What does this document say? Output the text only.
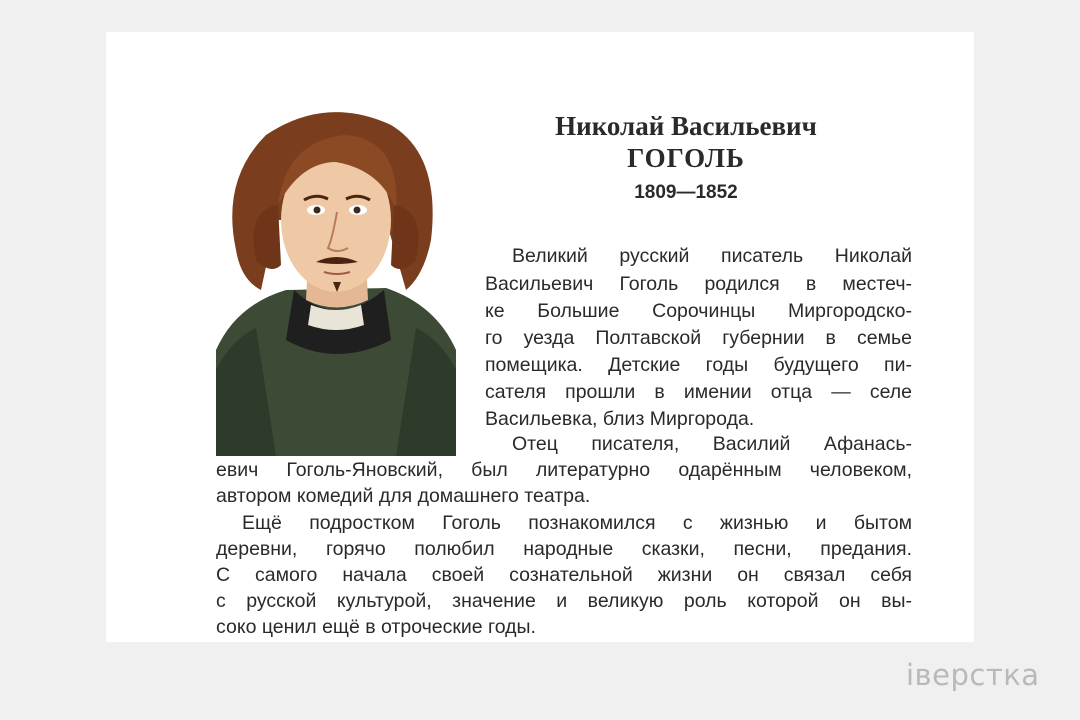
Николай Васильевич
ГОГОЛЬ
1809—1852
Великий русский писатель Николай
Васильевич Гоголь родился в местеч-
ке Большие Сорочинцы Миргородско-
го уезда Полтавской губернии в семье
помещика. Детские годы будущего пи-
сателя прошли в имении отца — селе
Васильевка, близ Миргорода.
Отец писателя, Василий Афанась-
евич Гоголь-Яновский, был литературно одарённым человеком,
автором комедий для домашнего театра.
Ещё подростком Гоголь познакомился с жизнью и бытом
деревни, горячо полюбил народные сказки, песни, предания.
С самого начала своей сознательной жизни он связал себя
с русской культурой, значение и великую роль которой он вы-
соко ценил ещё в отроческие годы.
іверстка
